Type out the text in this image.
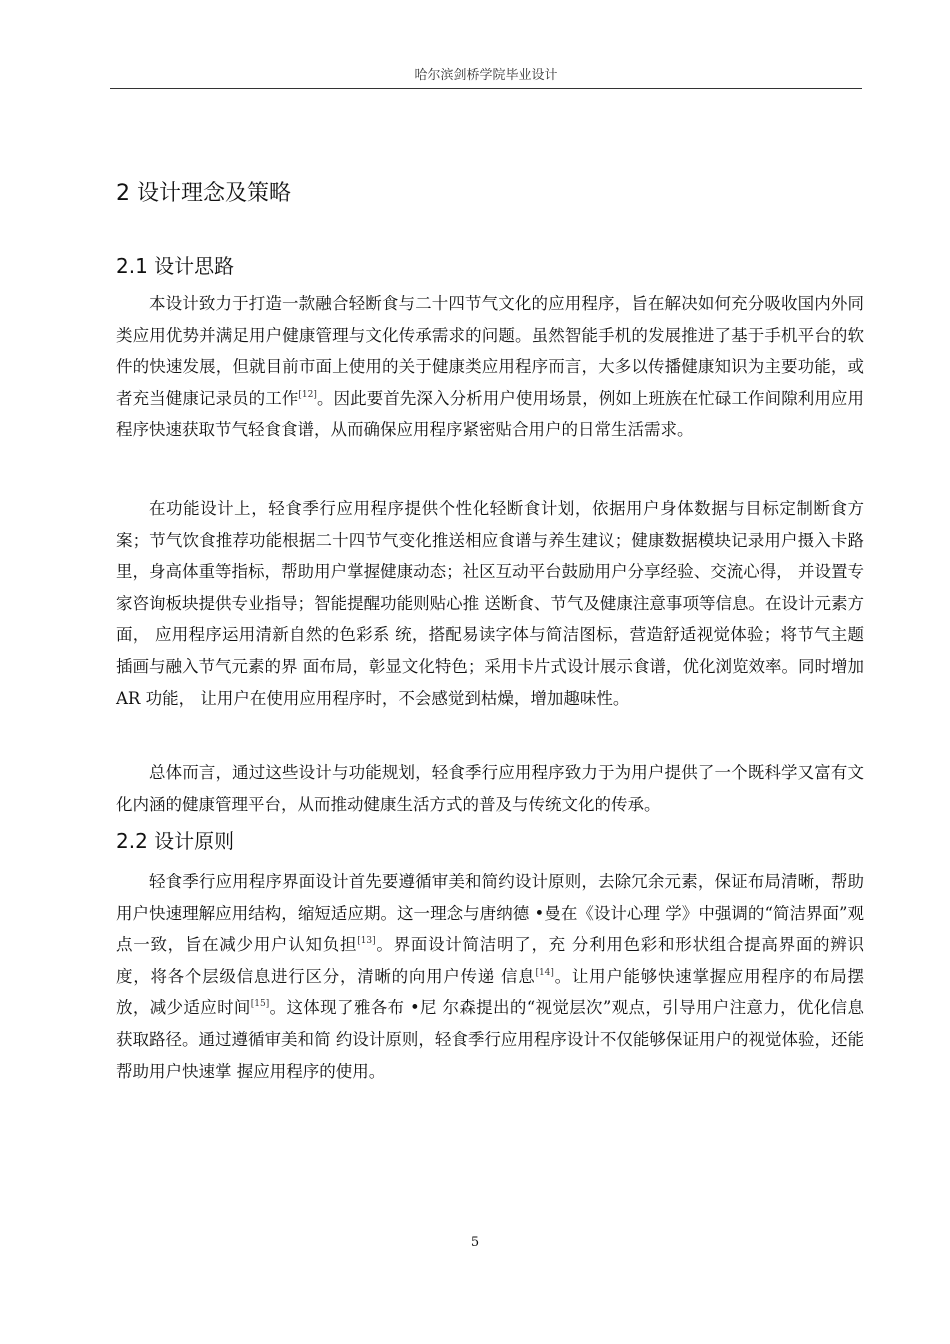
哈尔滨剑桥学院毕业设计
2 设计理念及策略
2.1 设计思路

本设计致力于打造一款融合轻断食与二十四节气文化的应用程序，旨在解决如何充分吸收国内外同类应用优势并满足用户健康管理与文化传承需求的问题。虽然智能手机的发展推进了基于手机平台的软件的快速发展，但就目前市面上使用的关于健康类应用程序而言，大多以传播健康知识为主要功能，或者充当健康记录员的工作[12]。因此要首先深入分析用户使用场景，例如上班族在忙碌工作间隙利用应用程序快速获取节气轻食食谱，从而确保应用程序紧密贴合用户的日常生活需求。

在功能设计上，轻食季行应用程序提供个性化轻断食计划，依据用户身体数据与目标定制断食方案；节气饮食推荐功能根据二十四节气变化推送相应食谱与养生建议；健康数据模块记录用户摄入卡路里，身高体重等指标，帮助用户掌握健康动态；社区互动平台鼓励用户分享经验、交流心得， 并设置专家咨询板块提供专业指导；智能提醒功能则贴心推 送断食、节气及健康注意事项等信息。在设计元素方面， 应用程序运用清新自然的色彩系 统，搭配易读字体与简洁图标，营造舒适视觉体验；将节气主题插画与融入节气元素的界 面布局，彰显文化特色；采用卡片式设计展示食谱，优化浏览效率。同时增加AR 功能， 让用户在使用应用程序时，不会感觉到枯燥，增加趣味性。

总体而言，通过这些设计与功能规划，轻食季行应用程序致力于为用户提供了一个既科学又富有文化内涵的健康管理平台，从而推动健康生活方式的普及与传统文化的传承。

2.2 设计原则

轻食季行应用程序界面设计首先要遵循审美和简约设计原则，去除冗余元素，保证布局清晰，帮助用户快速理解应用结构，缩短适应期。这一理念与唐纳德 •曼在《设计心理 学》中强调的“简洁界面”观点一致，旨在减少用户认知负担[13]。界面设计简洁明了，充 分利用色彩和形状组合提高界面的辨识度，将各个层级信息进行区分，清晰的向用户传递 信息[14]。让用户能够快速掌握应用程序的布局摆放，减少适应时间[15]。这体现了雅各布 •尼 尔森提出的“视觉层次”观点，引导用户注意力，优化信息获取路径。通过遵循审美和简 约设计原则，轻食季行应用程序设计不仅能够保证用户的视觉体验，还能帮助用户快速掌 握应用程序的使用。

5
